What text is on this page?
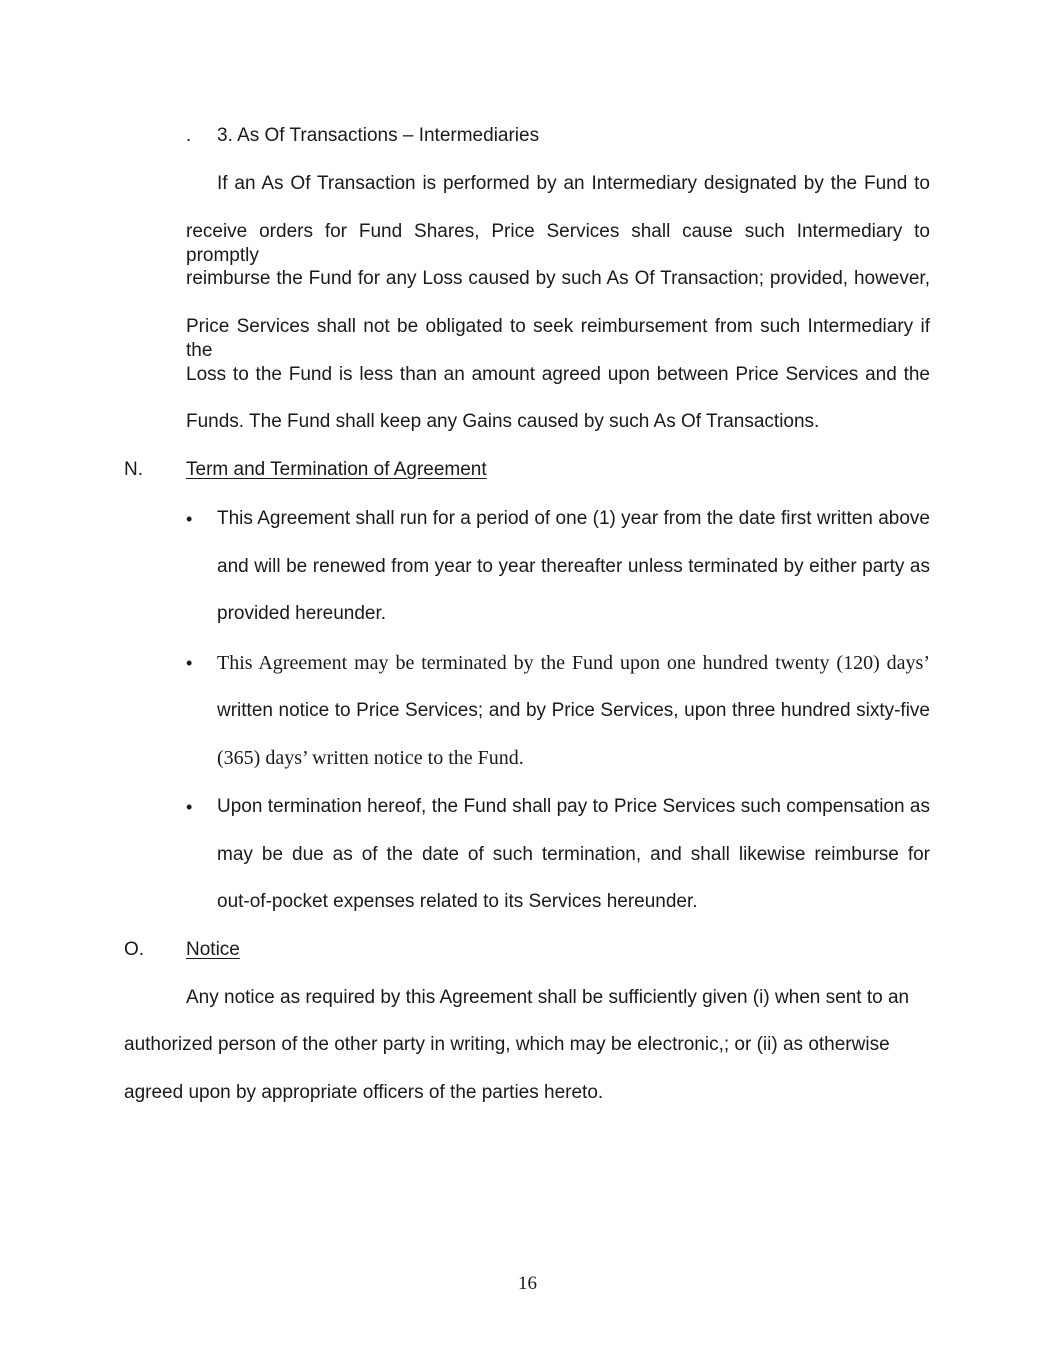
. 3. As Of Transactions – Intermediaries
If an As Of Transaction is performed by an Intermediary designated by the Fund to
receive orders for Fund Shares, Price Services shall cause such Intermediary to promptly
reimburse the Fund for any Loss caused by such As Of Transaction; provided, however,
Price Services shall not be obligated to seek reimbursement from such Intermediary if the
Loss to the Fund is less than an amount agreed upon between Price Services and the
Funds. The Fund shall keep any Gains caused by such As Of Transactions.
N. Term and Termination of Agreement
• This Agreement shall run for a period of one (1) year from the date first written above
and will be renewed from year to year thereafter unless terminated by either party as
provided hereunder.
• This Agreement may be terminated by the Fund upon one hundred twenty (120) days’
written notice to Price Services; and by Price Services, upon three hundred sixty-five
(365) days’ written notice to the Fund.
• Upon termination hereof, the Fund shall pay to Price Services such compensation as
may be due as of the date of such termination, and shall likewise reimburse for
out-of-pocket expenses related to its Services hereunder.
O. Notice
Any notice as required by this Agreement shall be sufficiently given (i) when sent to an
authorized person of the other party in writing, which may be electronic,; or (ii) as otherwise
agreed upon by appropriate officers of the parties hereto.
16
